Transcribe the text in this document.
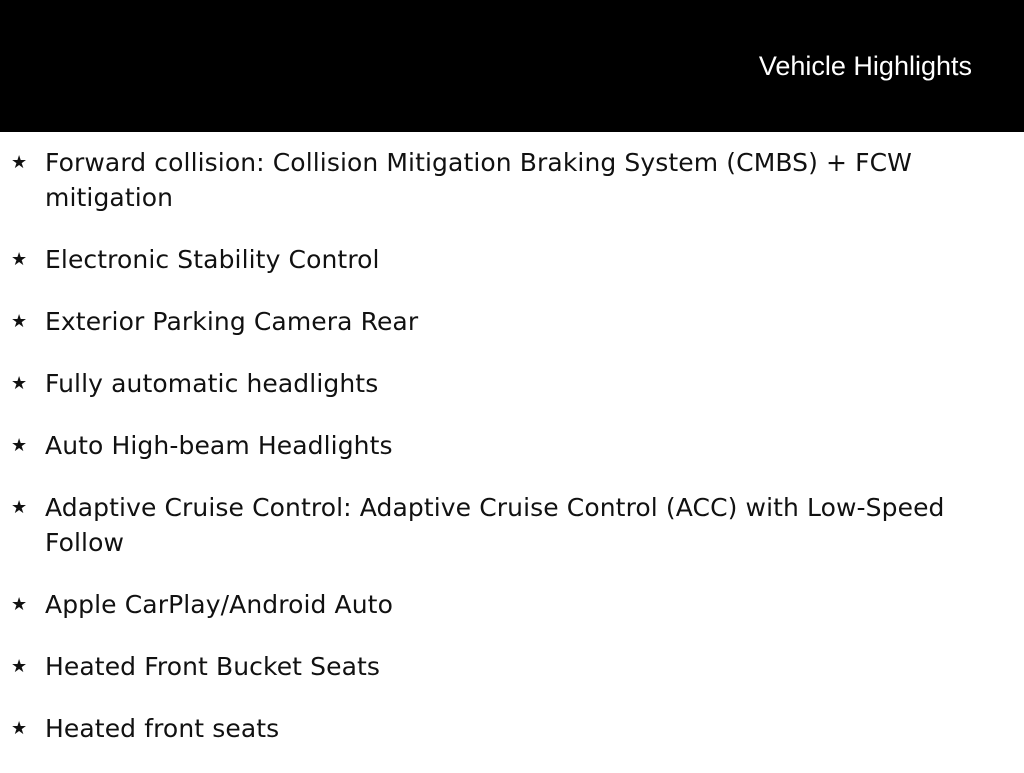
Vehicle Highlights
★ Forward collision: Collision Mitigation Braking System (CMBS) + FCW mitigation
★ Electronic Stability Control
★ Exterior Parking Camera Rear
★ Fully automatic headlights
★ Auto High-beam Headlights
★ Adaptive Cruise Control: Adaptive Cruise Control (ACC) with Low-Speed Follow
★ Apple CarPlay/Android Auto
★ Heated Front Bucket Seats
★ Heated front seats
